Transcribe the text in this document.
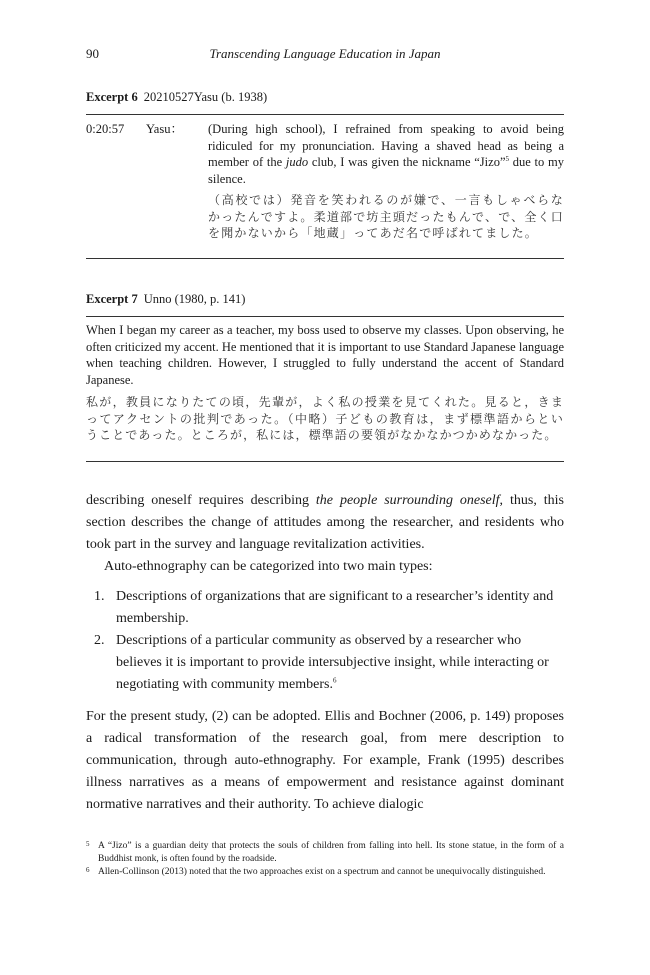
90	Transcending Language Education in Japan
Excerpt 6 20210527Yasu (b. 1938)
0:20:57 Yasu： (During high school), I refrained from speaking to avoid being ridiculed for my pronunciation. Having a shaved head as being a member of the judo club, I was given the nickname “Jizo”$^5$ due to my silence.
（高校では）発音を笑われるのが嫌で、一言もしゃべらなかったんですよ。柔道部で坊主頭だったもんで、で、全く口を聞かないから「地蔵」ってあだ名で呼ばれてました。
Excerpt 7 Unno (1980, p. 141)
When I began my career as a teacher, my boss used to observe my classes. Upon observing, he often criticized my accent. He mentioned that it is important to use Standard Japanese language when teaching children. However, I struggled to fully understand the accent of Standard Japanese.
私が，教員になりたての頃，先輩が，よく私の授業を見てくれた。見ると，きまってアクセントの批判であった。（中略）子どもの教育は，まず標準語からということであった。ところが，私には，標準語の要領がなかなかつかめなかった。
describing oneself requires describing the people surrounding oneself, thus, this section describes the change of attitudes among the researcher, and residents who took part in the survey and language revitalization activities.
Auto-ethnography can be categorized into two main types:
1. Descriptions of organizations that are significant to a researcher’s identity and membership.
2. Descriptions of a particular community as observed by a researcher who believes it is important to provide intersubjective insight, while interacting or negotiating with community members.$^6$
For the present study, (2) can be adopted. Ellis and Bochner (2006, p. 149) proposes a radical transformation of the research goal, from mere description to communication, through auto-ethnography. For example, Frank (1995) describes illness narratives as a means of empowerment and resistance against dominant normative narratives and their authority. To achieve dialogic
5 A “Jizo” is a guardian deity that protects the souls of children from falling into hell. Its stone statue, in the form of a Buddhist monk, is often found by the roadside.
6 Allen-Collinson (2013) noted that the two approaches exist on a spectrum and cannot be unequivocally distinguished.
